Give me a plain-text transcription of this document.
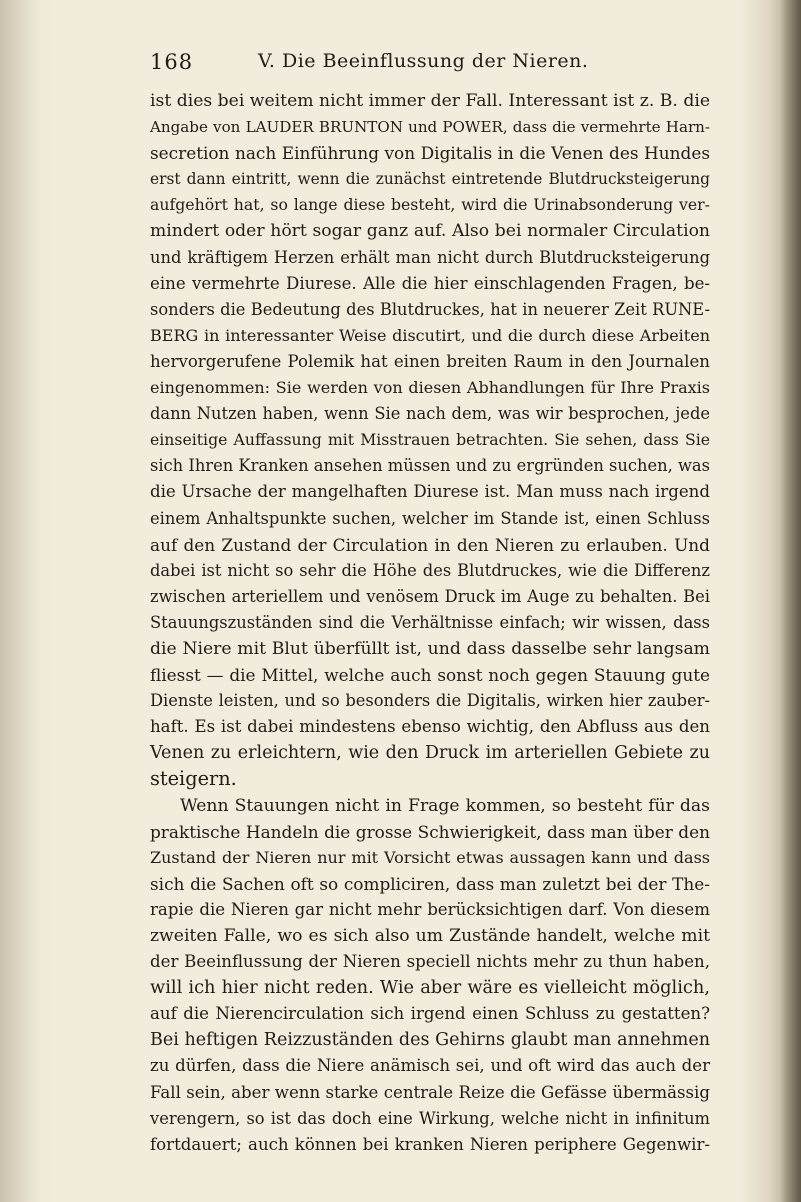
168	V. Die Beeinflussung der Nieren.
ist dies bei weitem nicht immer der Fall. Interessant ist z. B. die
Angabe von LAUDER BRUNTON und POWER, dass die vermehrte Harn-
secretion nach Einführung von Digitalis in die Venen des Hundes
erst dann eintritt, wenn die zunächst eintretende Blutdrucksteigerung
aufgehört hat, so lange diese besteht, wird die Urinabsonderung ver-
mindert oder hört sogar ganz auf. Also bei normaler Circulation
und kräftigem Herzen erhält man nicht durch Blutdrucksteigerung
eine vermehrte Diurese. Alle die hier einschlagenden Fragen, be-
sonders die Bedeutung des Blutdruckes, hat in neuerer Zeit RUNE-
BERG in interessanter Weise discutirt, und die durch diese Arbeiten
hervorgerufene Polemik hat einen breiten Raum in den Journalen
eingenommen: Sie werden von diesen Abhandlungen für Ihre Praxis
dann Nutzen haben, wenn Sie nach dem, was wir besprochen, jede
einseitige Auffassung mit Misstrauen betrachten. Sie sehen, dass Sie
sich Ihren Kranken ansehen müssen und zu ergründen suchen, was
die Ursache der mangelhaften Diurese ist. Man muss nach irgend
einem Anhaltspunkte suchen, welcher im Stande ist, einen Schluss
auf den Zustand der Circulation in den Nieren zu erlauben. Und
dabei ist nicht so sehr die Höhe des Blutdruckes, wie die Differenz
zwischen arteriellem und venösem Druck im Auge zu behalten. Bei
Stauungszuständen sind die Verhältnisse einfach; wir wissen, dass
die Niere mit Blut überfüllt ist, und dass dasselbe sehr langsam
fliesst — die Mittel, welche auch sonst noch gegen Stauung gute
Dienste leisten, und so besonders die Digitalis, wirken hier zauber-
haft. Es ist dabei mindestens ebenso wichtig, den Abfluss aus den
Venen zu erleichtern, wie den Druck im arteriellen Gebiete zu
steigern.
Wenn Stauungen nicht in Frage kommen, so besteht für das
praktische Handeln die grosse Schwierigkeit, dass man über den
Zustand der Nieren nur mit Vorsicht etwas aussagen kann und dass
sich die Sachen oft so compliciren, dass man zuletzt bei der The-
rapie die Nieren gar nicht mehr berücksichtigen darf. Von diesem
zweiten Falle, wo es sich also um Zustände handelt, welche mit
der Beeinflussung der Nieren speciell nichts mehr zu thun haben,
will ich hier nicht reden. Wie aber wäre es vielleicht möglich,
auf die Nierencirculation sich irgend einen Schluss zu gestatten?
Bei heftigen Reizzuständen des Gehirns glaubt man annehmen
zu dürfen, dass die Niere anämisch sei, und oft wird das auch der
Fall sein, aber wenn starke centrale Reize die Gefässe übermässig
verengern, so ist das doch eine Wirkung, welche nicht in infinitum
fortdauert; auch können bei kranken Nieren periphere Gegenwir-
